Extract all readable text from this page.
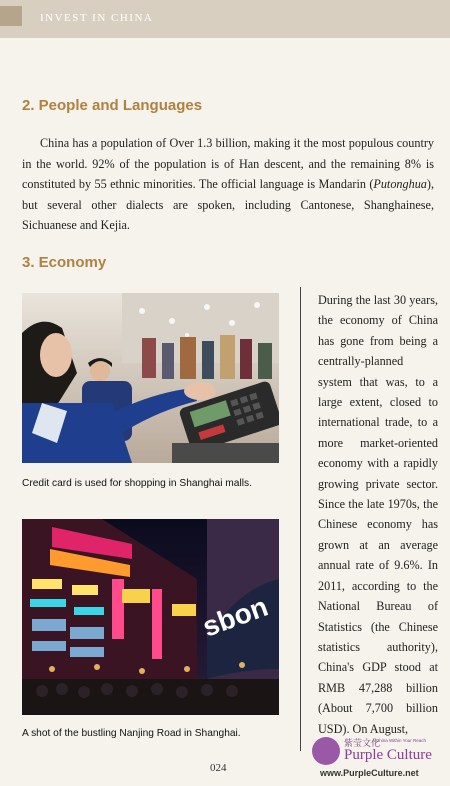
INVEST IN CHINA
2. People and Languages

China has a population of Over 1.3 billion, making it the most populous country in the world. 92% of the population is of Han descent, and the remaining 8% is constituted by 55 ethnic minorities. The official language is Mandarin (Putonghua), but several other dialects are spoken, including Cantonese, Shanghainese, Sichuanese and Kejia.

3. Economy
Credit card is used for shopping in Shanghai malls.
sbon
A shot of the bustling Nanjing Road in Shanghai.

During the last 30 years, the economy of China has gone from being a centrally-planned system that was, to a large extent, closed to international trade, to a more market-oriented economy with a rapidly growing private sector. Since the late 1970s, the Chinese economy has grown at an average annual rate of 9.6%. In 2011, according to the National Bureau of Statistics (the Chinese statistics authority), China's GDP stood at RMB 47,288 billion (About 7,700 billion USD). On August,

024
紫莹文化
A China Within Your Reach
Purple Culture
www.PurpleCulture.net
